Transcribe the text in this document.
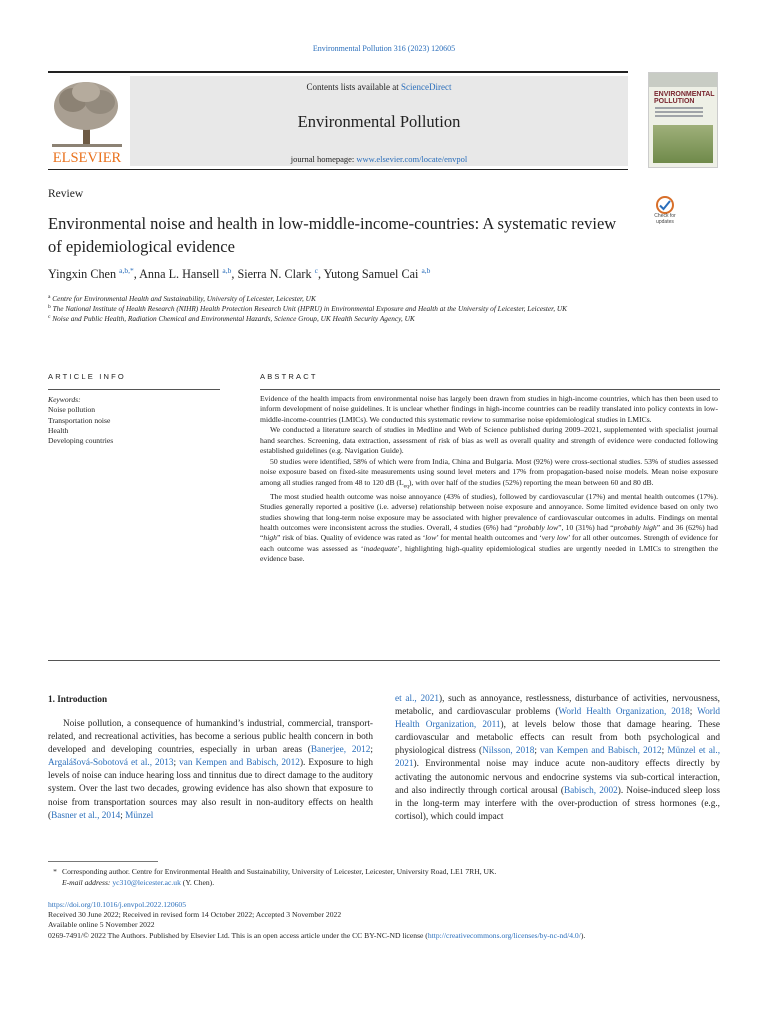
Environmental Pollution 316 (2023) 120605
ELSEVIER
Contents lists available at ScienceDirect
Environmental Pollution
journal homepage: www.elsevier.com/locate/envpol
ENVIRONMENTAL POLLUTION
Review
Check for updates
Environmental noise and health in low-middle-income-countries: A systematic review of epidemiological evidence
Yingxin Chen $^{a,b,*}$, Anna L. Hansell $^{a,b}$, Sierra N. Clark $^c$, Yutong Samuel Cai $^{a,b}$
$^a$ Centre for Environmental Health and Sustainability, University of Leicester, Leicester, UK
$^b$ The National Institute of Health Research (NIHR) Health Protection Research Unit (HPRU) in Environmental Exposure and Health at the University of Leicester, Leicester, UK
$^c$ Noise and Public Health, Radiation Chemical and Environmental Hazards, Science Group, UK Health Security Agency, UK
ARTICLE INFO	ABSTRACT
Keywords:
Noise pollution
Transportation noise
Health
Developing countries

Evidence of the health impacts from environmental noise has largely been drawn from studies in high-income countries, which has then been used to inform development of noise guidelines. It is unclear whether findings in high-income countries can be readily translated into policy contexts in low-middle-income-countries (LMICs). We conducted this systematic review to summarise noise epidemiological studies in LMICs.

We conducted a literature search of studies in Medline and Web of Science published during 2009–2021, supplemented with specialist journal hand searches. Screening, data extraction, assessment of risk of bias as well as overall quality and strength of evidence were conducted following established guidelines (e.g. Navigation Guide).

50 studies were identified, 58% of which were from India, China and Bulgaria. Most (92%) were cross-sectional studies. 53% of studies assessed noise exposure based on fixed-site measurements using sound level meters and 17% from propagation-based noise models. Mean noise exposure among all studies ranged from 48 to 120 dB $(L_{eq})$, with over half of the studies (52%) reporting the mean between 60 and 80 dB.

The most studied health outcome was noise annoyance (43% of studies), followed by cardiovascular (17%) and mental health outcomes (17%). Studies generally reported a positive (i.e. adverse) relationship between noise exposure and annoyance. Some limited evidence based on only two studies showing that long-term noise exposure may be associated with higher prevalence of cardiovascular outcomes in adults. Findings on mental health outcomes were inconsistent across the studies. Overall, 4 studies (6%) had “probably low”, 10 (31%) had “probably high” and 36 (62%) had “high” risk of bias. Quality of evidence was rated as ‘low’ for mental health outcomes and ‘very low’ for all other outcomes. Strength of evidence for each outcome was assessed as ‘inadequate’, highlighting high-quality epidemiological studies are urgently needed in LMICs to strengthen the evidence base.

1. Introduction

Noise pollution, a consequence of humankind’s industrial, commercial, transport-related, and recreational activities, has become a serious public health concern in both developed and developing countries, especially in urban areas (Banerjee, 2012; Argalášová-Sobotová et al., 2013; van Kempen and Babisch, 2012). Exposure to high levels of noise can induce hearing loss and tinnitus due to direct damage to the auditory system. Over the last two decades, growing evidence has also shown that exposure to noise from transportation sources may also result in non-auditory effects on health (Basner et al., 2014; Münzel

et al., 2021), such as annoyance, restlessness, disturbance of activities, nervousness, metabolic, and cardiovascular problems (World Health Organization, 2018; World Health Organization, 2011), at levels below those that damage hearing. These cardiovascular and metabolic effects can result from both psychological and physiological distress (Nilsson, 2018; van Kempen and Babisch, 2012; Münzel et al., 2021). Environmental noise may induce acute non-auditory effects directly by activating the autonomic nervous and endocrine systems via sub-cortical interaction, and also indirectly through cortical arousal (Babisch, 2002). Noise-induced sleep loss in the long-term may interfere with the over-production of stress hormones (e.g., cortisol), which could impact

* Corresponding author. Centre for Environmental Health and Sustainability, University of Leicester, Leicester, University Road, LE1 7RH, UK.
E-mail address: yc310@leicester.ac.uk (Y. Chen).
https://doi.org/10.1016/j.envpol.2022.120605
Received 30 June 2022; Received in revised form 14 October 2022; Accepted 3 November 2022
Available online 5 November 2022
0269-7491/© 2022 The Authors. Published by Elsevier Ltd. This is an open access article under the CC BY-NC-ND license (http://creativecommons.org/licenses/by-nc-nd/4.0/).
